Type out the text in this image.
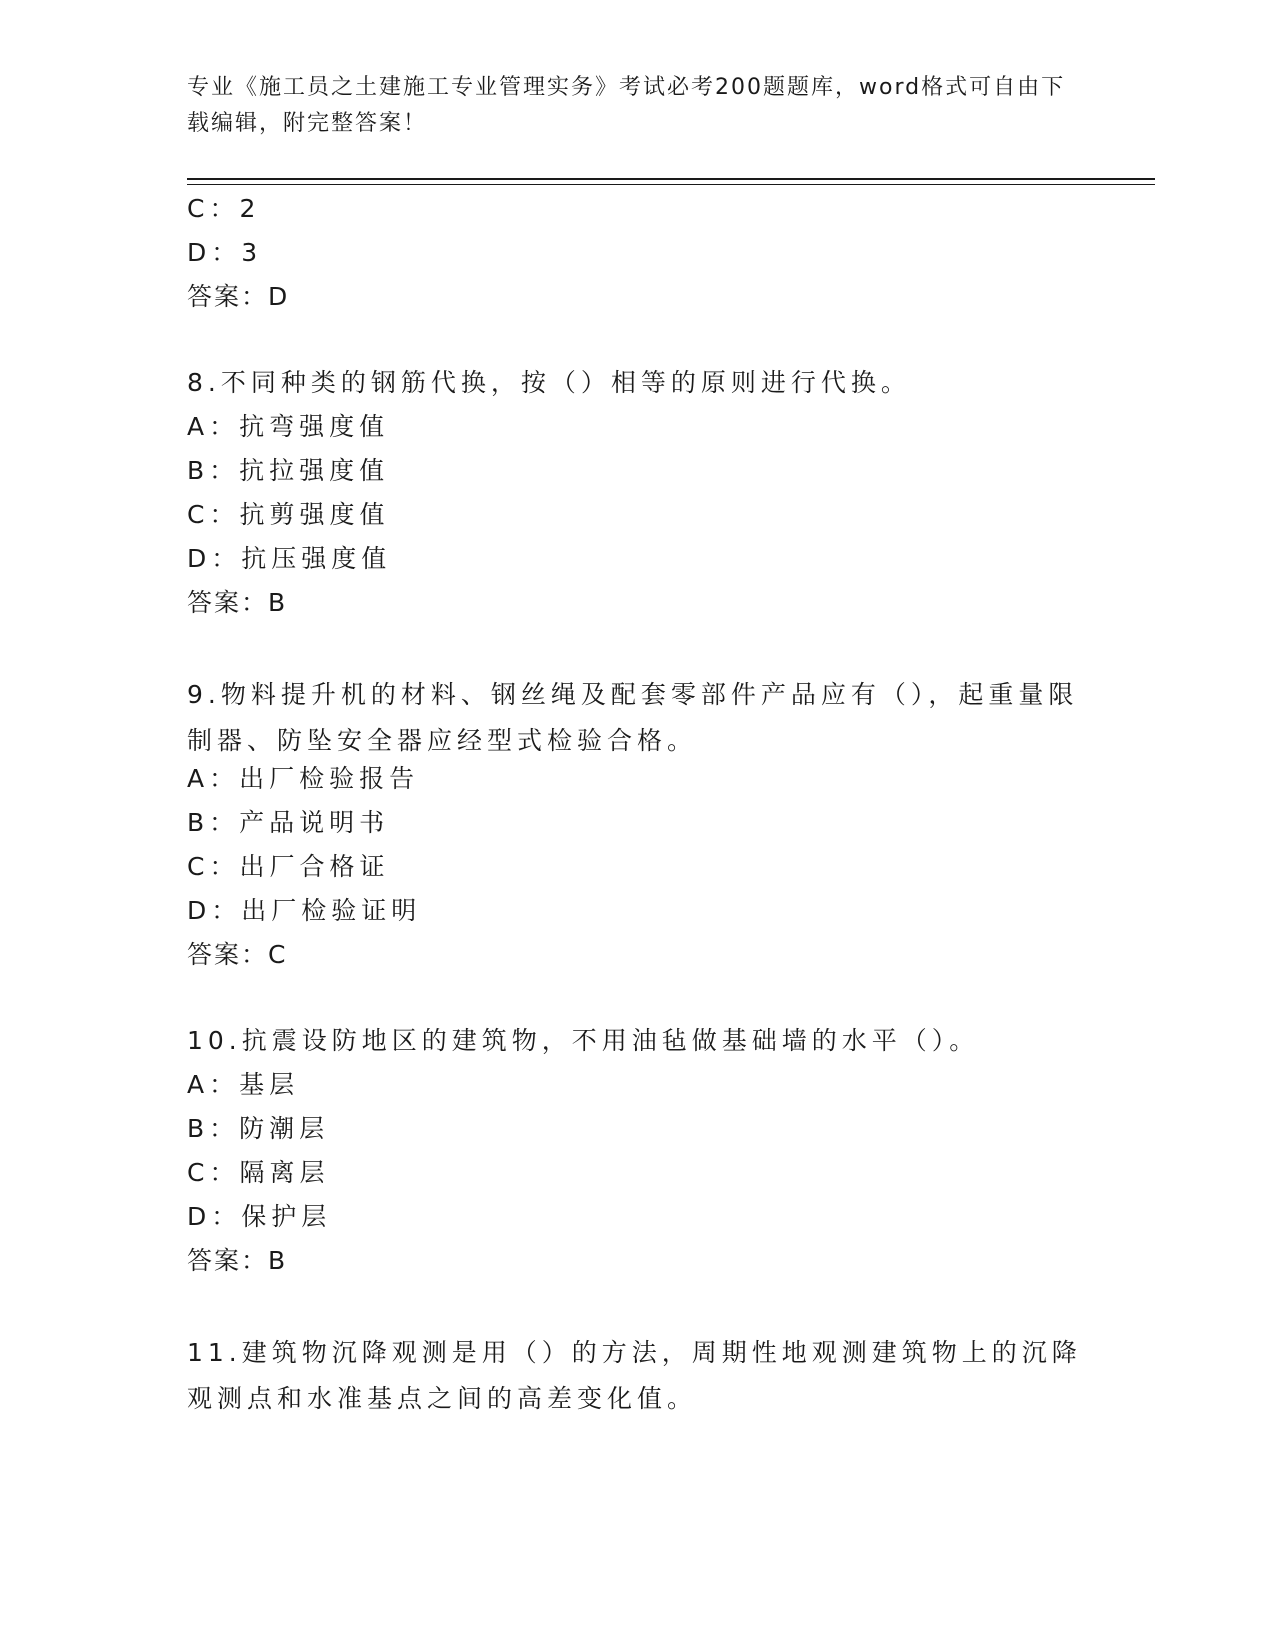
专业《施工员之土建施工专业管理实务》考试必考200题题库，word格式可自由下载编辑，附完整答案！
C：2
D：3
答案：D
8.不同种类的钢筋代换，按（）相等的原则进行代换。
A：抗弯强度值
B：抗拉强度值
C：抗剪强度值
D：抗压强度值
答案：B
9.物料提升机的材料、钢丝绳及配套零部件产品应有（），起重量限制器、防坠安全器应经型式检验合格。
A：出厂检验报告
B：产品说明书
C：出厂合格证
D：出厂检验证明
答案：C
10.抗震设防地区的建筑物，不用油毡做基础墙的水平（）。
A：基层
B：防潮层
C：隔离层
D：保护层
答案：B
11.建筑物沉降观测是用（）的方法，周期性地观测建筑物上的沉降观测点和水准基点之间的高差变化值。
